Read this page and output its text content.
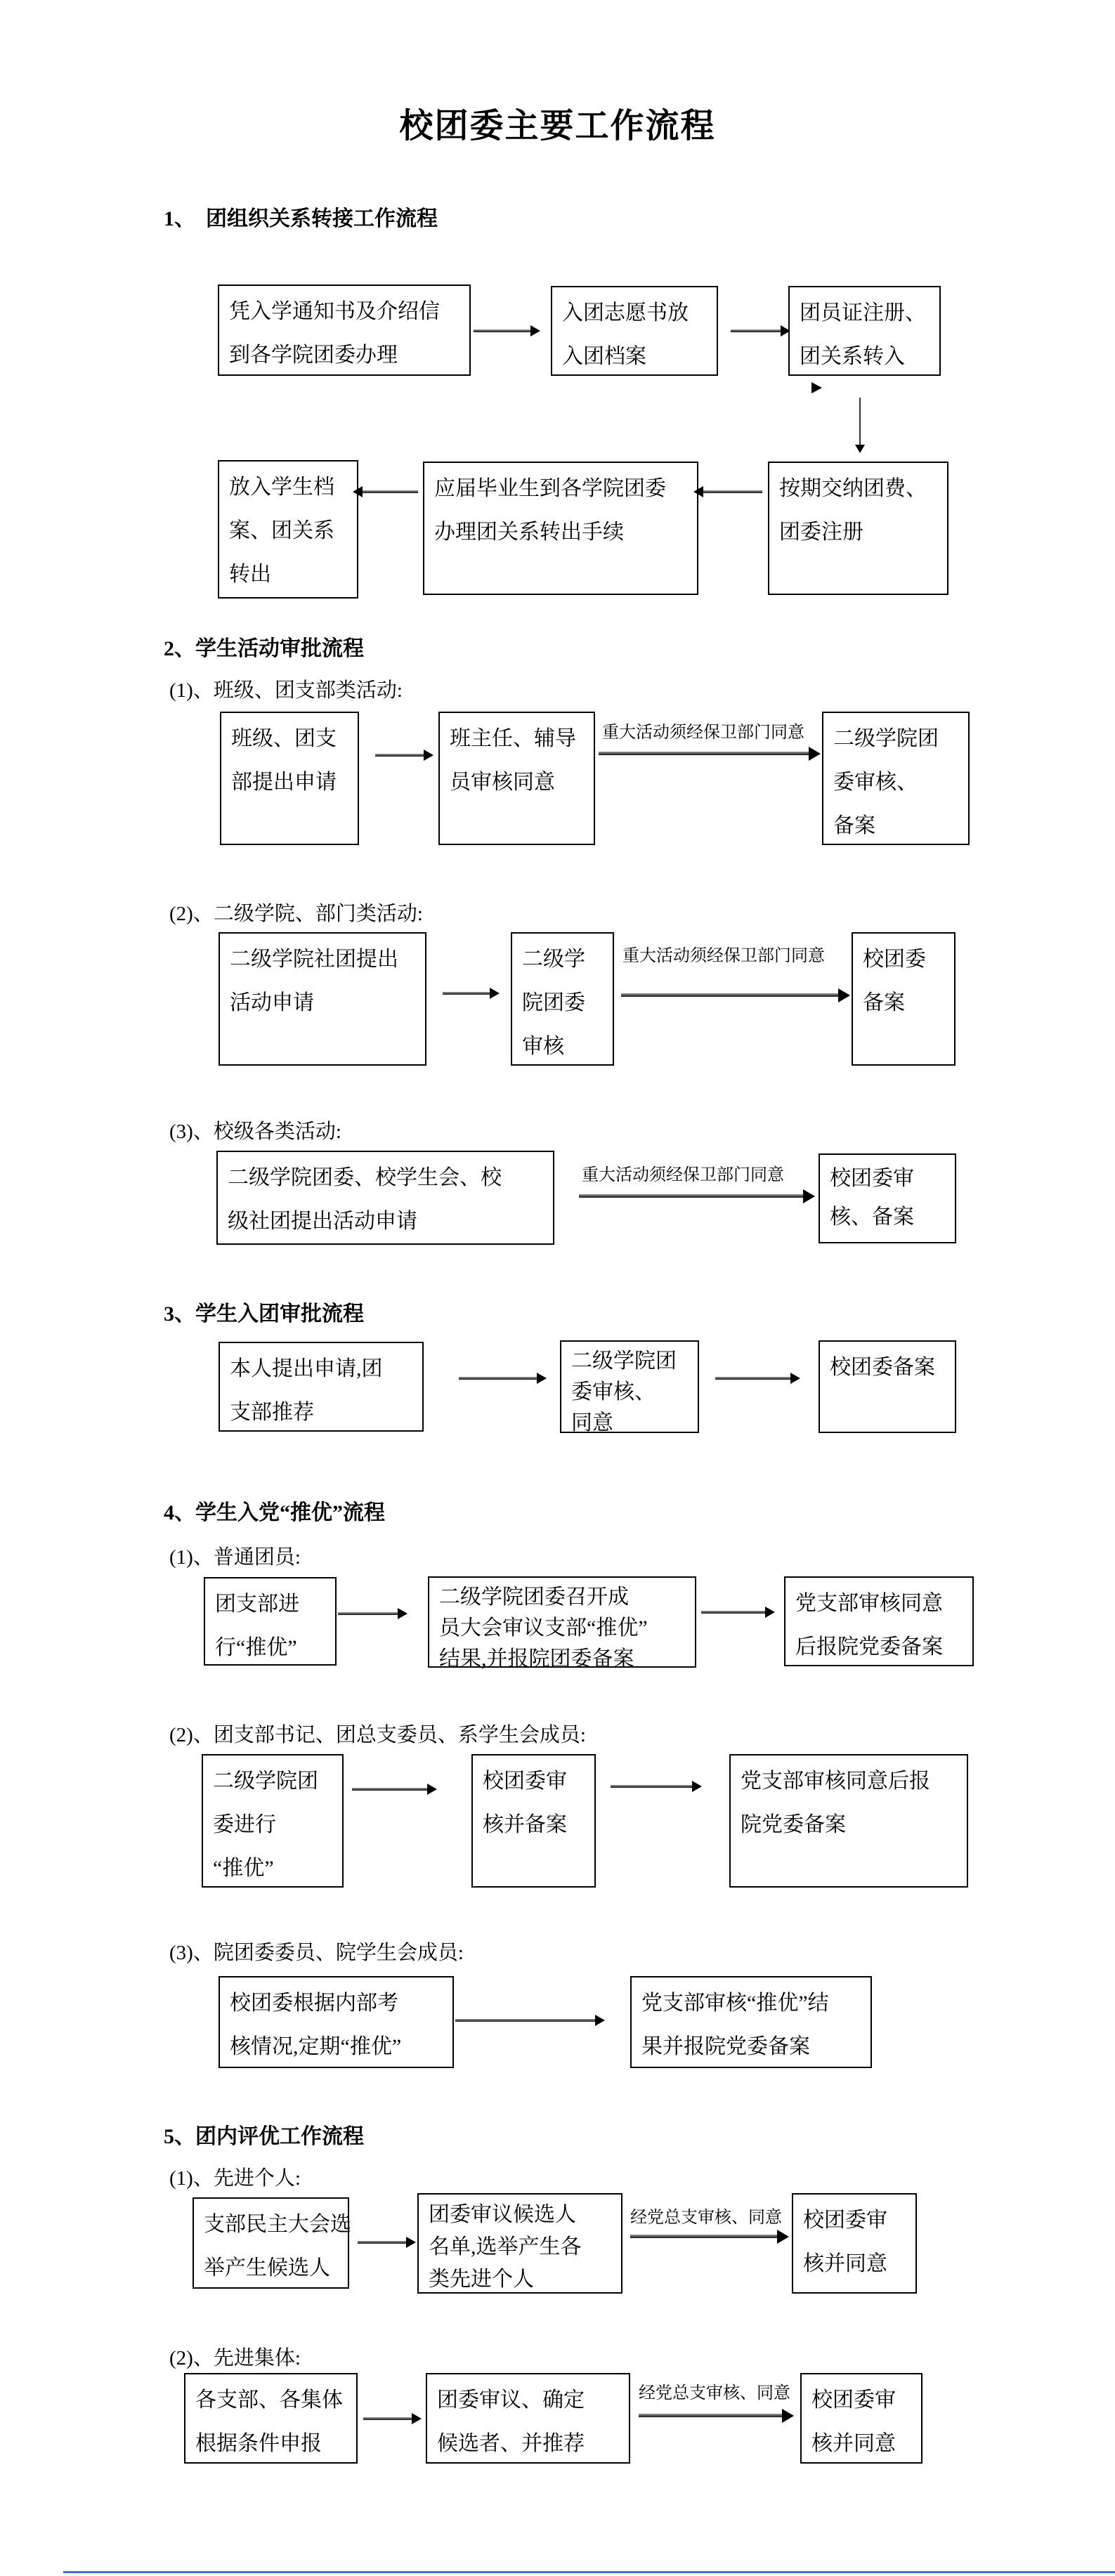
校团委主要工作流程
1、　团组织关系转接工作流程
凭入学通知书及介绍信
到各学院团委办理
入团志愿书放
入团档案
团员证注册、
团关系转入
放入学生档
案、团关系
转出
应届毕业生到各学院团委
办理团关系转出手续
按期交纳团费、
团委注册
2、学生活动审批流程
(1)、班级、团支部类活动:
班级、团支
部提出申请
班主任、辅导
员审核同意
重大活动须经保卫部门同意 二级学院团
委审核、
备案
(2)、二级学院、部门类活动:
二级学院社团提出
活动申请
二级学
院团委
审核
重大活动须经保卫部门同意 校团委
备案
(3)、校级各类活动:
二级学院团委、校学生会、校
级社团提出活动申请
重大活动须经保卫部门同意 校团委审
核、备案
3、学生入团审批流程
本人提出申请,团
支部推荐
二级学院团
委审核、
同意
校团委备案
4、学生入党“推优”流程
(1)、普通团员:
团支部进
行“推优”
二级学院团委召开成
员大会审议支部“推优”
结果,并报院团委备案
党支部审核同意
后报院党委备案
(2)、团支部书记、团总支委员、系学生会成员:
二级学院团
委进行
“推优”
校团委审
核并备案
党支部审核同意后报
院党委备案
(3)、院团委委员、院学生会成员:
校团委根据内部考
核情况,定期“推优”
党支部审核“推优”结
果并报院党委备案
5、团内评优工作流程
(1)、先进个人:
支部民主大会选
举产生候选人
团委审议候选人
名单,选举产生各
类先进个人
经党总支审核、同意 校团委审
核并同意
(2)、先进集体:
各支部、各集体
根据条件申报
团委审议、确定
候选者、并推荐
经党总支审核、同意 校团委审
核并同意
